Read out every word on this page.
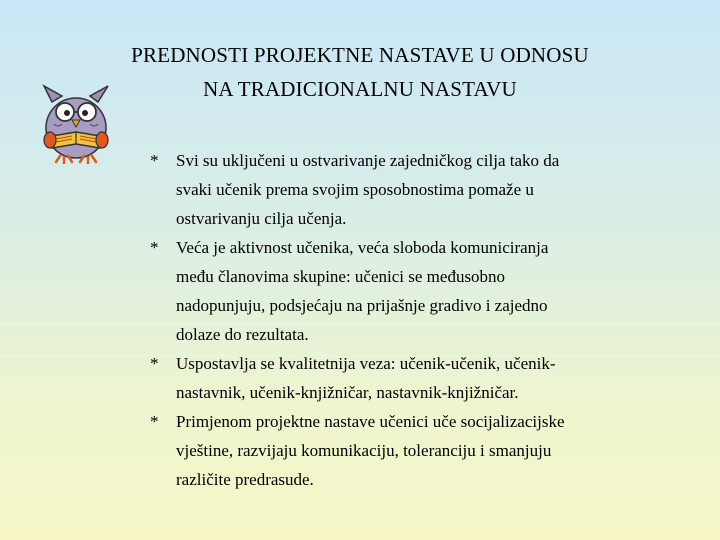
PREDNOSTI PROJEKTNE NASTAVE U ODNOSU
NA TRADICIONALNU NASTAVU
* Svi su uključeni u ostvarivanje zajedničkog cilja tako da
svaki učenik prema svojim sposobnostima pomaže u
ostvarivanju cilja učenja.
* Veća je aktivnost učenika, veća sloboda komuniciranja
među članovima skupine: učenici se međusobno
nadopunjuju, podsjećaju na prijašnje gradivo i zajedno
dolaze do rezultata.
* Uspostavlja se kvalitetnija veza: učenik-učenik, učenik-
nastavnik, učenik-knjižničar, nastavnik-knjižničar.
* Primjenom projektne nastave učenici uče socijalizacijske
vještine, razvijaju komunikaciju, toleranciju i smanjuju
različite predrasude.
